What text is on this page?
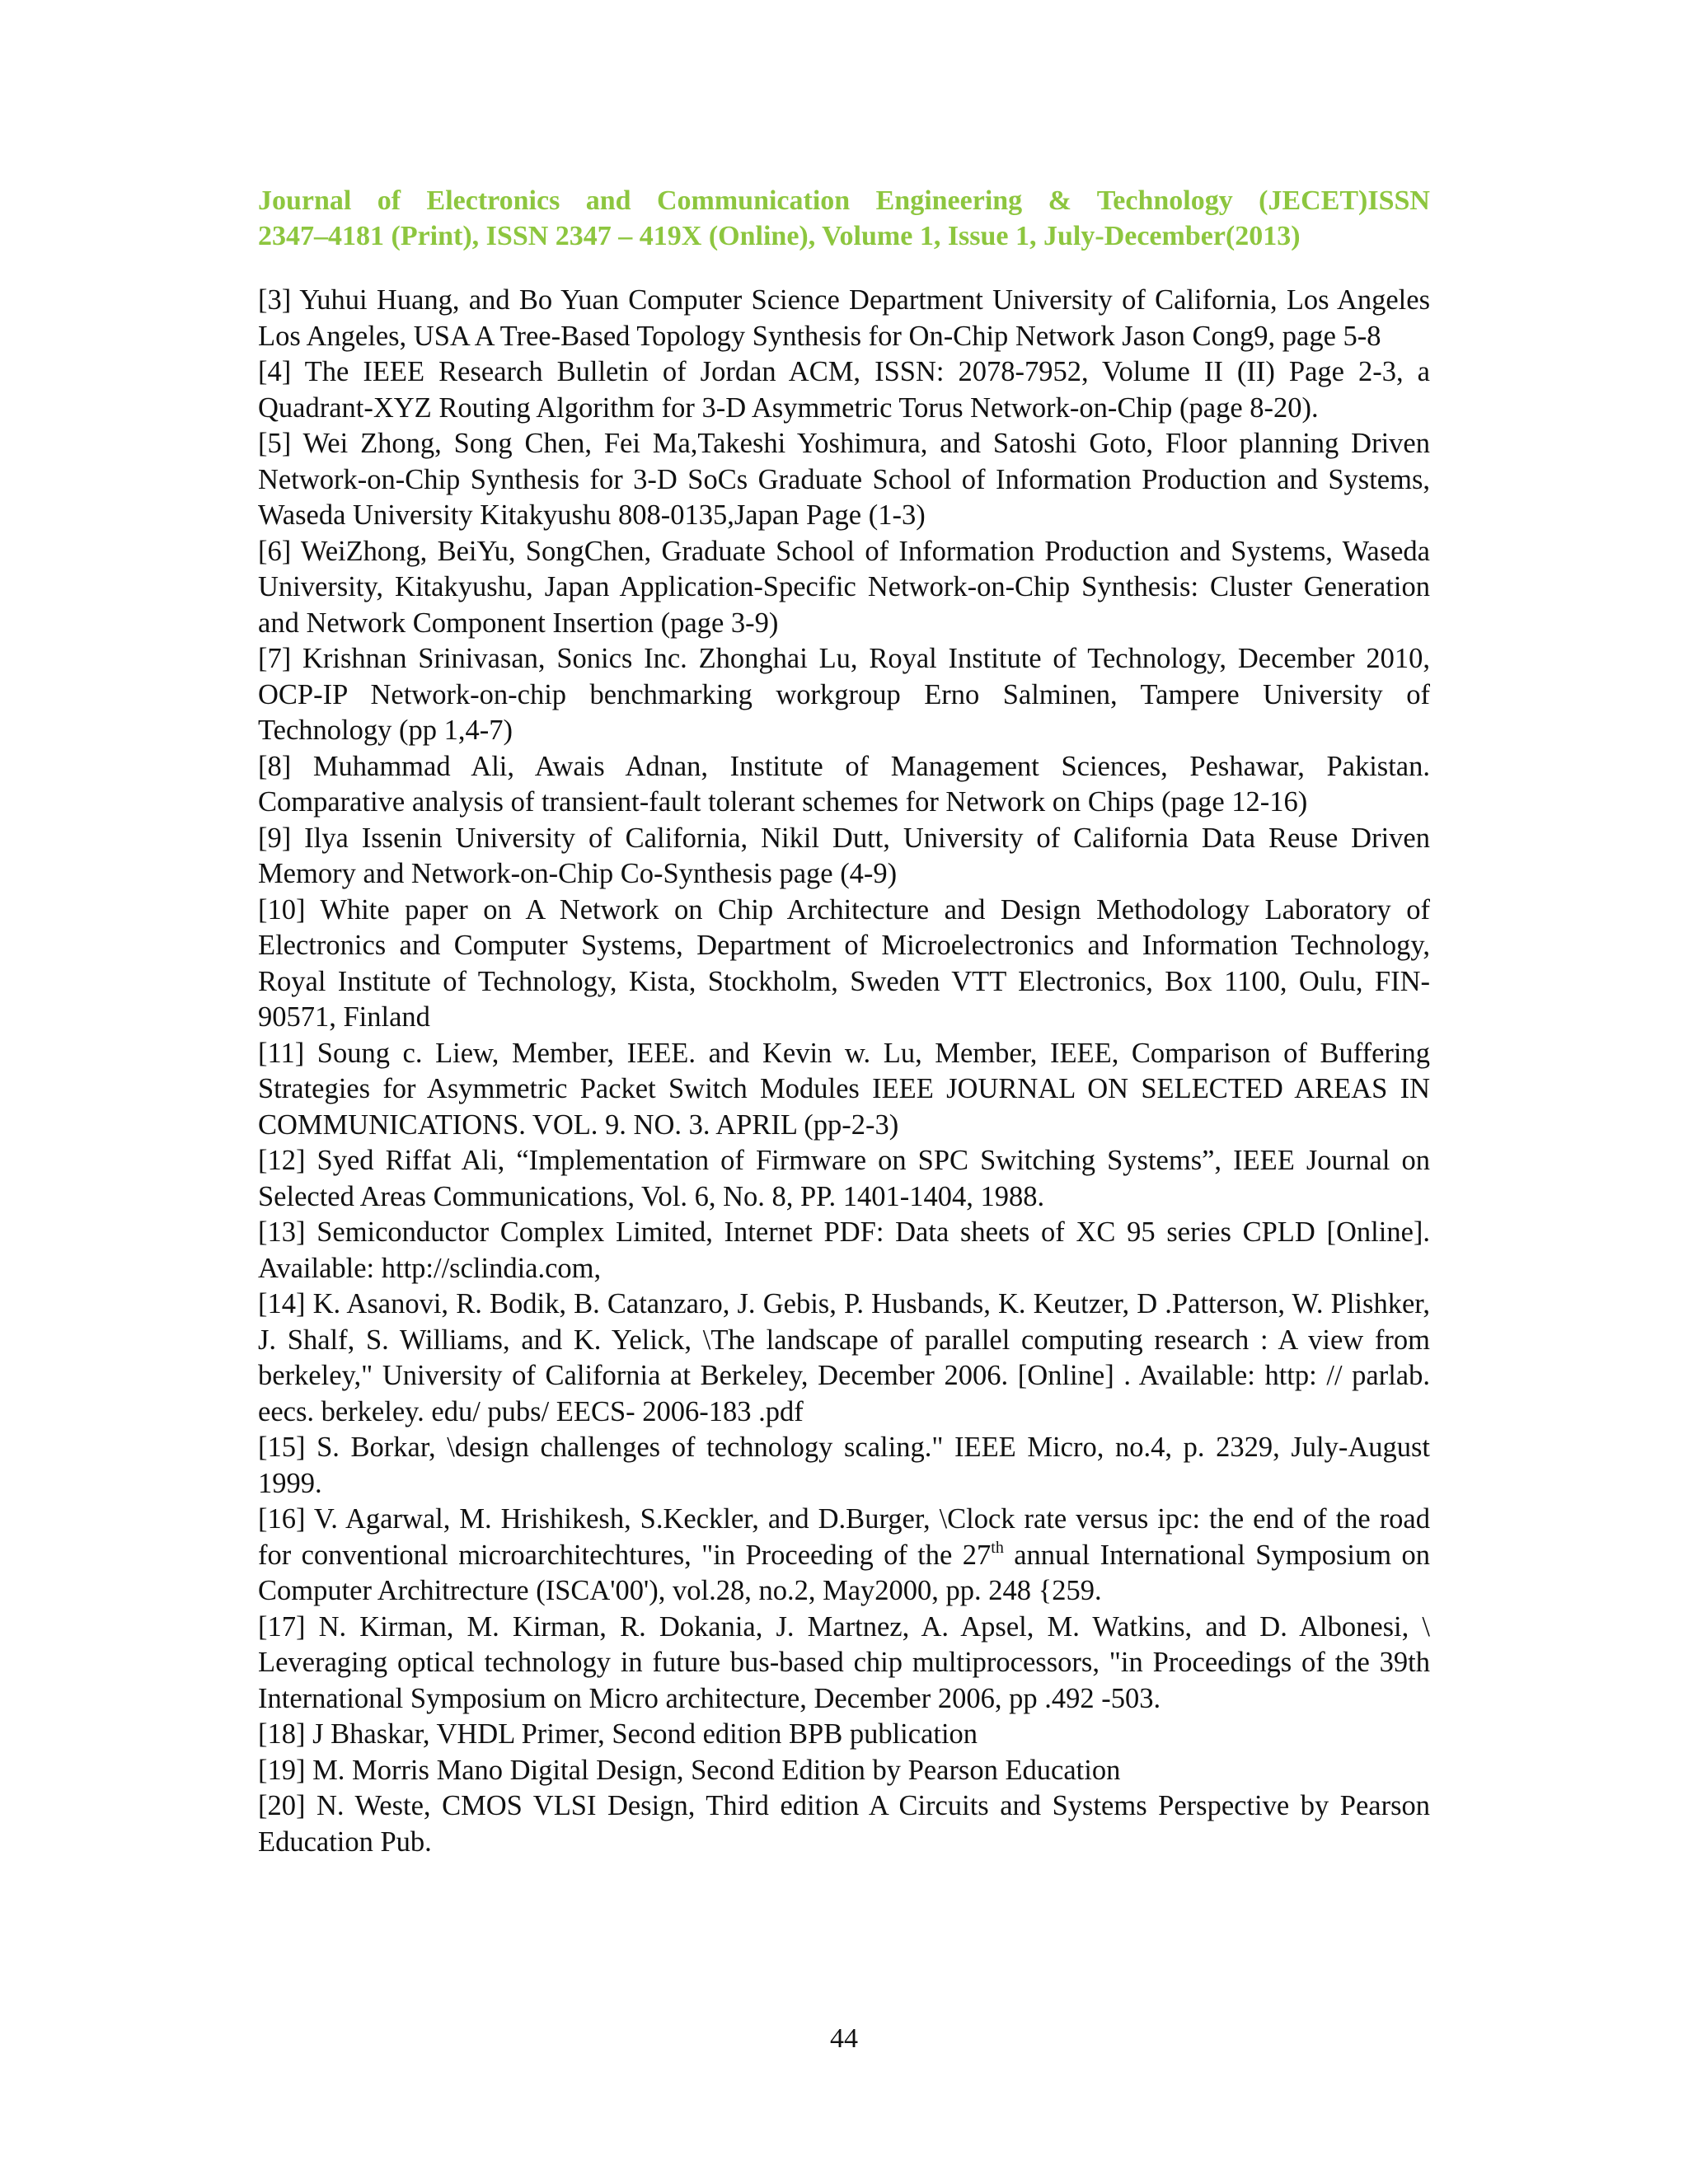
Journal of Electronics and Communication Engineering & Technology (JECET)ISSN
2347–4181 (Print), ISSN 2347 – 419X (Online), Volume 1, Issue 1, July-December(2013)

[3] Yuhui Huang, and Bo Yuan Computer Science Department University of California, Los Angeles Los Angeles, USA A Tree-Based Topology Synthesis for On-Chip Network Jason Cong9, page 5-8

[4] The IEEE Research Bulletin of Jordan ACM, ISSN: 2078-7952, Volume II (II) Page 2-3, a Quadrant-XYZ Routing Algorithm for 3-D Asymmetric Torus Network-on-Chip (page 8-20).

[5] Wei Zhong, Song Chen, Fei Ma,Takeshi Yoshimura, and Satoshi Goto, Floor planning Driven Network-on-Chip Synthesis for 3-D SoCs Graduate School of Information Production and Systems, Waseda University Kitakyushu 808-0135,Japan Page (1-3)

[6] WeiZhong, BeiYu, SongChen, Graduate School of Information Production and Systems, Waseda University, Kitakyushu, Japan Application-Specific Network-on-Chip Synthesis: Cluster Generation and Network Component Insertion (page 3-9)

[7] Krishnan Srinivasan, Sonics Inc. Zhonghai Lu, Royal Institute of Technology, December 2010, OCP-IP Network-on-chip benchmarking workgroup Erno Salminen, Tampere University of Technology (pp 1,4-7)

[8] Muhammad Ali, Awais Adnan, Institute of Management Sciences, Peshawar, Pakistan. Comparative analysis of transient-fault tolerant schemes for Network on Chips (page 12-16)

[9] Ilya Issenin University of California, Nikil Dutt, University of California Data Reuse Driven Memory and Network-on-Chip Co-Synthesis page (4-9)

[10] White paper on A Network on Chip Architecture and Design Methodology Laboratory of Electronics and Computer Systems, Department of Microelectronics and Information Technology, Royal Institute of Technology, Kista, Stockholm, Sweden VTT Electronics, Box 1100, Oulu, FIN-90571, Finland

[11] Soung c. Liew, Member, IEEE. and Kevin w. Lu, Member, IEEE, Comparison of Buffering Strategies for Asymmetric Packet Switch Modules IEEE JOURNAL ON SELECTED AREAS IN COMMUNICATIONS. VOL. 9. NO. 3. APRIL (pp-2-3)

[12] Syed Riffat Ali, “Implementation of Firmware on SPC Switching Systems”, IEEE Journal on Selected Areas Communications, Vol. 6, No. 8, PP. 1401-1404, 1988.

[13] Semiconductor Complex Limited, Internet PDF: Data sheets of XC 95 series CPLD [Online]. Available: http://sclindia.com,

[14] K. Asanovi, R. Bodik, B. Catanzaro, J. Gebis, P. Husbands, K. Keutzer, D .Patterson, W. Plishker, J. Shalf, S. Williams, and K. Yelick, \The landscape of parallel computing research : A view from berkeley," University of California at Berkeley, December 2006. [Online] . Available: http: // parlab. eecs. berkeley. edu/ pubs/ EECS- 2006-183 .pdf

[15] S. Borkar, \design challenges of technology scaling." IEEE Micro, no.4, p. 2329, July-August 1999.

[16] V. Agarwal, M. Hrishikesh, S.Keckler, and D.Burger, \Clock rate versus ipc: the end of the road for conventional microarchitechtures, "in Proceeding of the 27th annual International Symposium on Computer Architrecture (ISCA'00'), vol.28, no.2, May2000, pp. 248 {259.

[17] N. Kirman, M. Kirman, R. Dokania, J. Martnez, A. Apsel, M. Watkins, and D. Albonesi, \ Leveraging optical technology in future bus-based chip multiprocessors, "in Proceedings of the 39th International Symposium on Micro architecture, December 2006, pp .492 -503.

[18] J Bhaskar, VHDL Primer, Second edition BPB publication

[19] M. Morris Mano Digital Design, Second Edition by Pearson Education

[20] N. Weste, CMOS VLSI Design, Third edition A Circuits and Systems Perspective by Pearson Education Pub.

44
